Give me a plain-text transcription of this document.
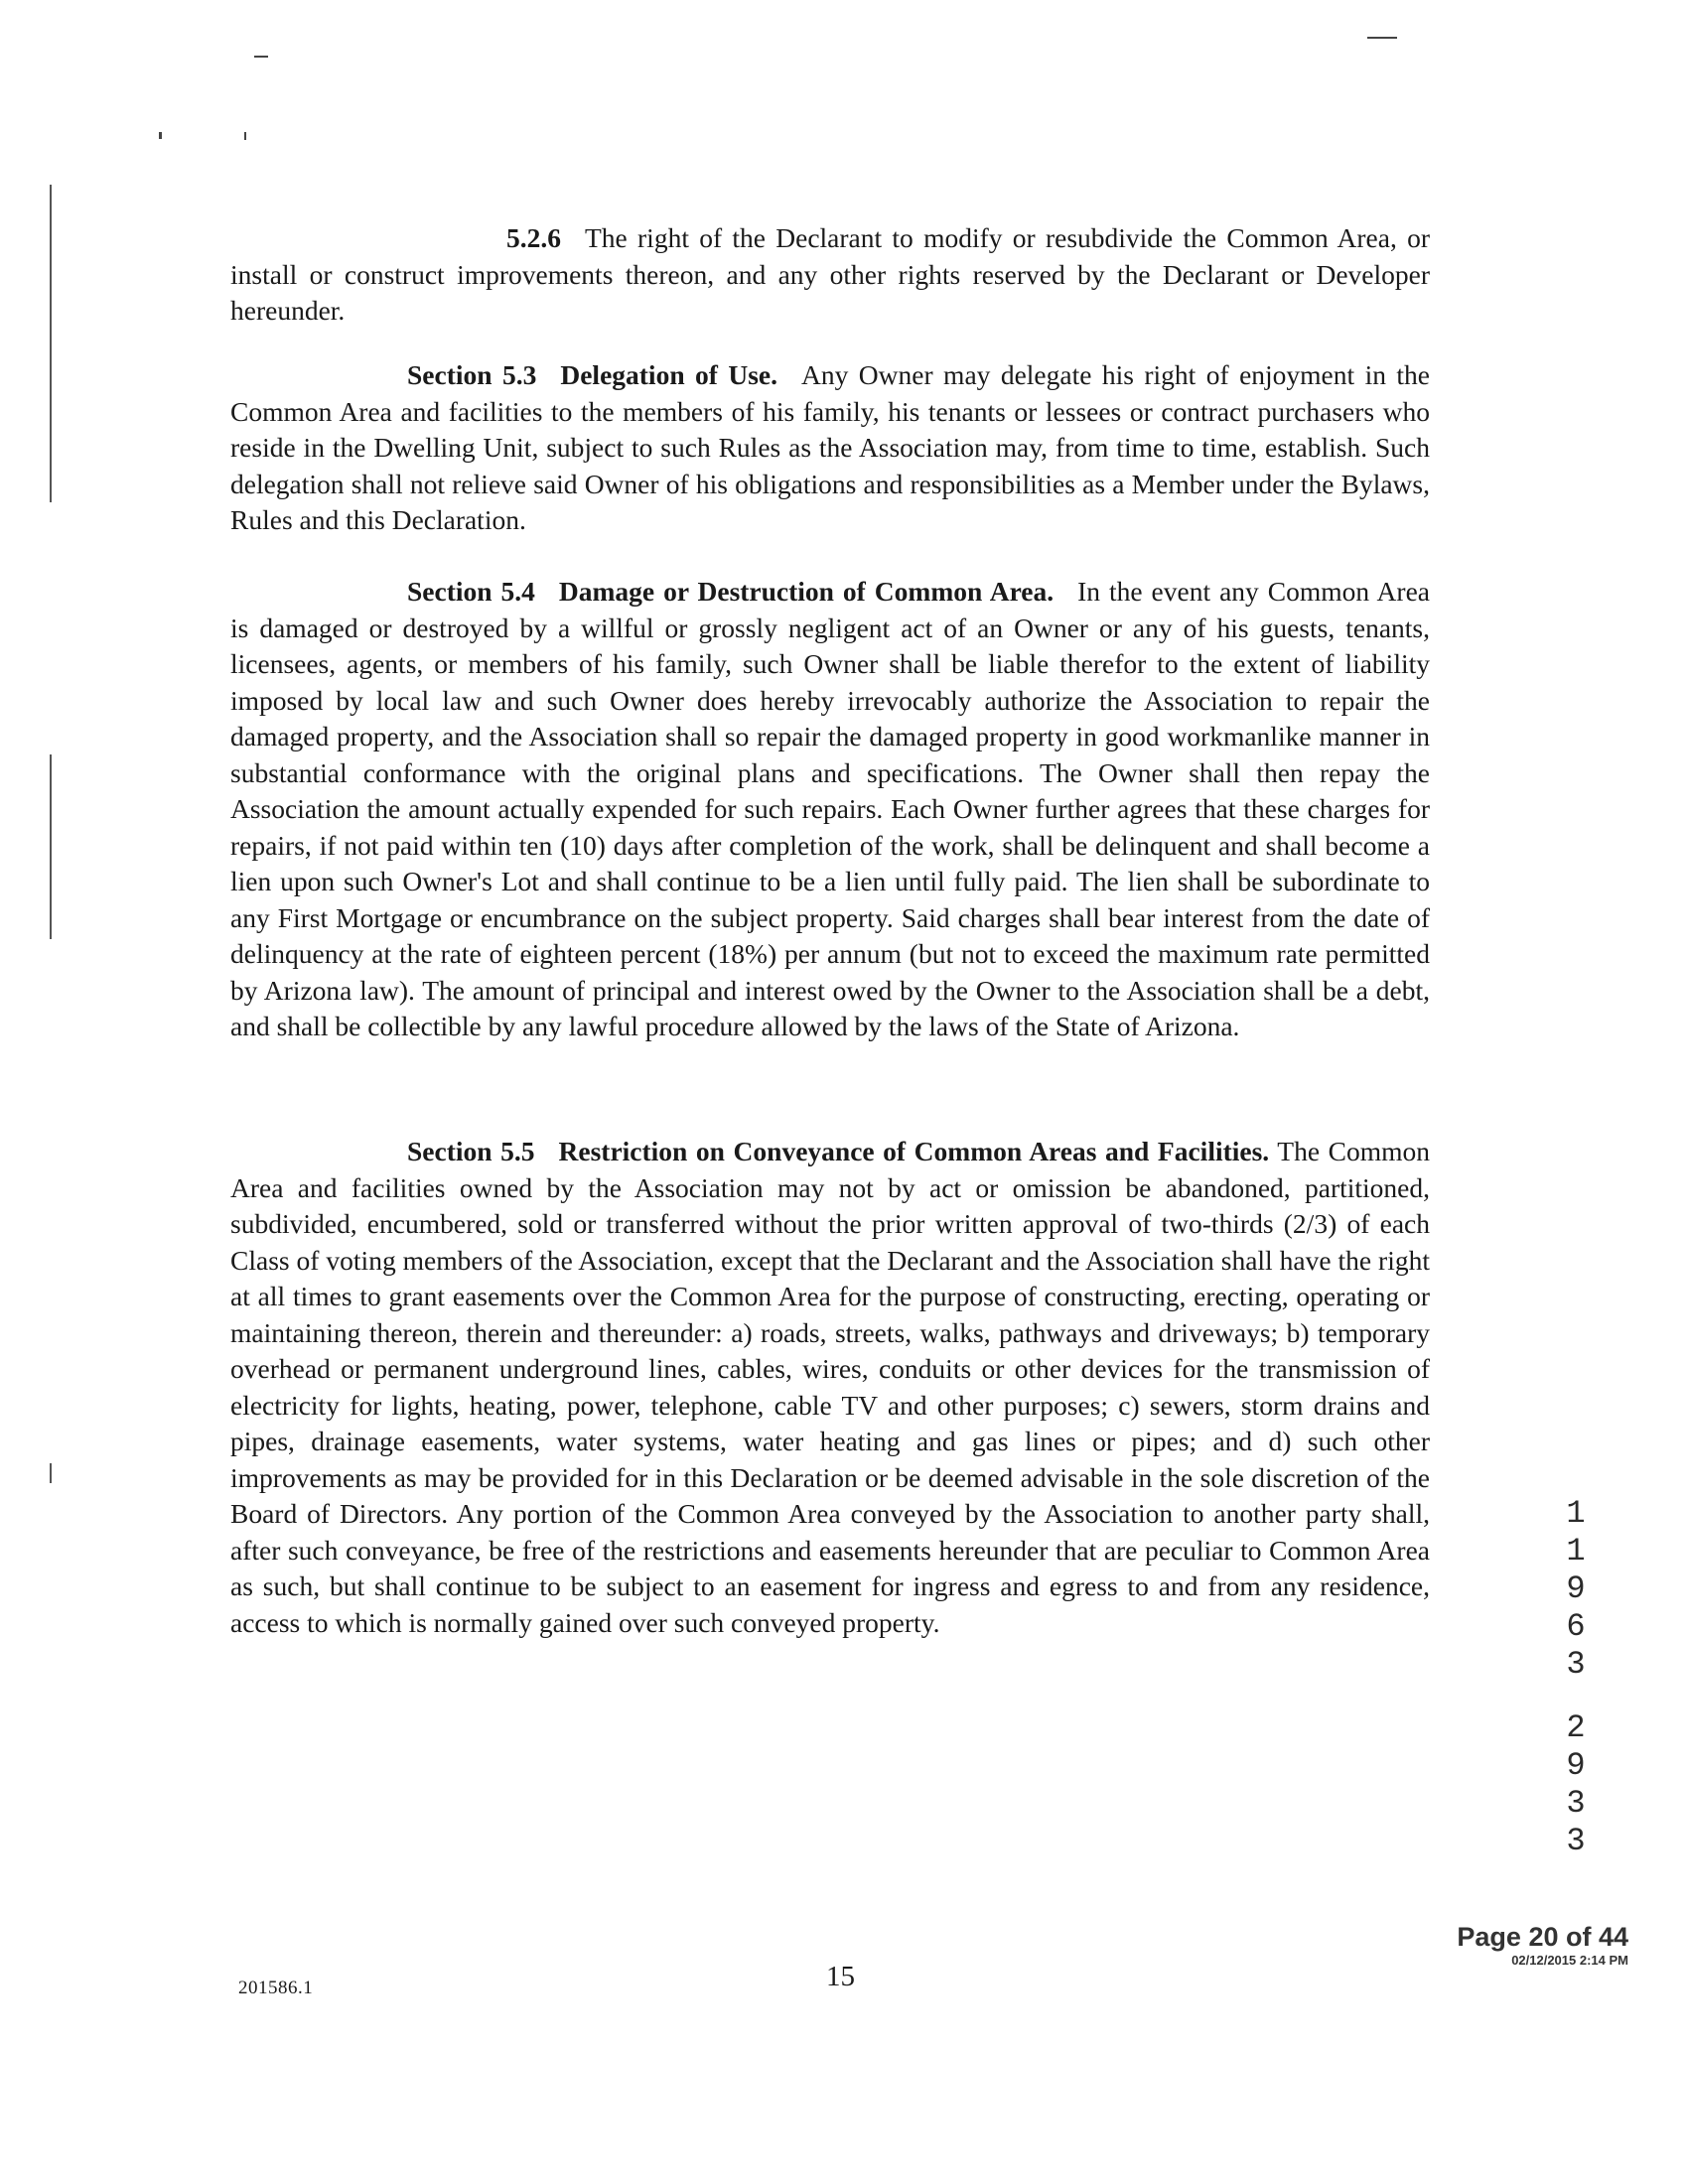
5.2.6 The right of the Declarant to modify or resubdivide the Common Area, or install or construct improvements thereon, and any other rights reserved by the Declarant or Developer hereunder.

Section 5.3 Delegation of Use. Any Owner may delegate his right of enjoyment in the Common Area and facilities to the members of his family, his tenants or lessees or contract purchasers who reside in the Dwelling Unit, subject to such Rules as the Association may, from time to time, establish. Such delegation shall not relieve said Owner of his obligations and responsibilities as a Member under the Bylaws, Rules and this Declaration.

Section 5.4 Damage or Destruction of Common Area. In the event any Common Area is damaged or destroyed by a willful or grossly negligent act of an Owner or any of his guests, tenants, licensees, agents, or members of his family, such Owner shall be liable therefor to the extent of liability imposed by local law and such Owner does hereby irrevocably authorize the Association to repair the damaged property, and the Association shall so repair the damaged property in good workmanlike manner in substantial conformance with the original plans and specifications. The Owner shall then repay the Association the amount actually expended for such repairs. Each Owner further agrees that these charges for repairs, if not paid within ten (10) days after completion of the work, shall be delinquent and shall become a lien upon such Owner's Lot and shall continue to be a lien until fully paid. The lien shall be subordinate to any First Mortgage or encumbrance on the subject property. Said charges shall bear interest from the date of delinquency at the rate of eighteen percent (18%) per annum (but not to exceed the maximum rate permitted by Arizona law). The amount of principal and interest owed by the Owner to the Association shall be a debt, and shall be collectible by any lawful procedure allowed by the laws of the State of Arizona.

Section 5.5 Restriction on Conveyance of Common Areas and Facilities. The Common Area and facilities owned by the Association may not by act or omission be abandoned, partitioned, subdivided, encumbered, sold or transferred without the prior written approval of two-thirds (2/3) of each Class of voting members of the Association, except that the Declarant and the Association shall have the right at all times to grant easements over the Common Area for the purpose of constructing, erecting, operating or maintaining thereon, therein and thereunder: a) roads, streets, walks, pathways and driveways; b) temporary overhead or permanent underground lines, cables, wires, conduits or other devices for the transmission of electricity for lights, heating, power, telephone, cable TV and other purposes; c) sewers, storm drains and pipes, drainage easements, water systems, water heating and gas lines or pipes; and d) such other improvements as may be provided for in this Declaration or be deemed advisable in the sole discretion of the Board of Directors. Any portion of the Common Area conveyed by the Association to another party shall, after such conveyance, be free of the restrictions and easements hereunder that are peculiar to Common Area as such, but shall continue to be subject to an easement for ingress and egress to and from any residence, access to which is normally gained over such conveyed property.

1
1
9
6
3
2
9
3
3
Page 20 of 44
02/12/2015 2:14 PM
201586.1	15
